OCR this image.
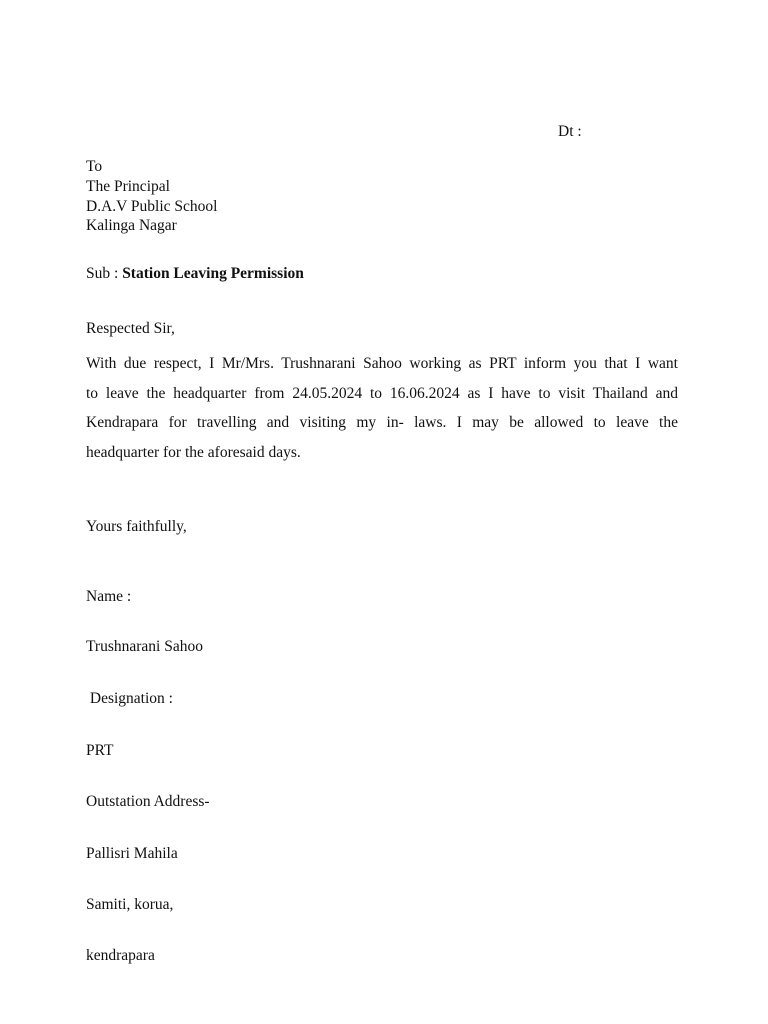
Dt :
To
The Principal
D.A.V Public School
Kalinga Nagar
Sub : Station Leaving Permission
Respected Sir,
With due respect, I Mr/Mrs. Trushnarani Sahoo working as PRT inform you that I want
to leave the headquarter from 24.05.2024 to 16.06.2024 as I have to visit Thailand and
Kendrapara for travelling and visiting my in- laws. I may be allowed to leave the
headquarter for the aforesaid days.
Yours faithfully,
Name :
Trushnarani Sahoo
Designation :
PRT
Outstation Address-
Pallisri Mahila
Samiti, korua,
kendrapara
